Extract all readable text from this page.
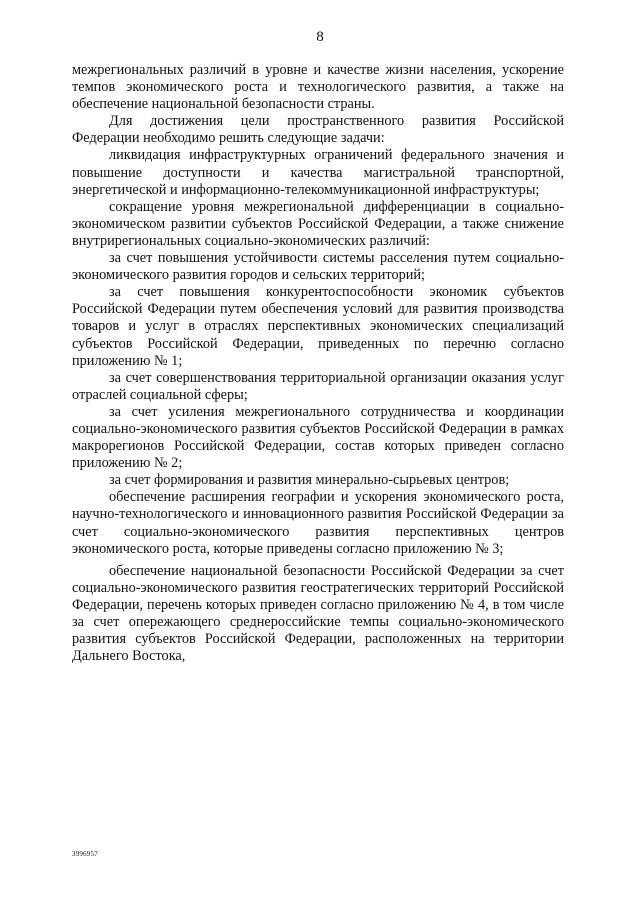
8

межрегиональных различий в уровне и качестве жизни населения, ускорение темпов экономического роста и технологического развития, а также на обеспечение национальной безопасности страны.

Для достижения цели пространственного развития Российской Федерации необходимо решить следующие задачи:

ликвидация инфраструктурных ограничений федерального значения и повышение доступности и качества магистральной транспортной, энергетической и информационно-телекоммуникационной инфраструктуры;

сокращение уровня межрегиональной дифференциации в социально-экономическом развитии субъектов Российской Федерации, а также снижение внутрирегиональных социально-экономических различий:

за счет повышения устойчивости системы расселения путем социально-экономического развития городов и сельских территорий;

за счет повышения конкурентоспособности экономик субъектов Российской Федерации путем обеспечения условий для развития производства товаров и услуг в отраслях перспективных экономических специализаций субъектов Российской Федерации, приведенных по перечню согласно приложению № 1;

за счет совершенствования территориальной организации оказания услуг отраслей социальной сферы;

за счет усиления межрегионального сотрудничества и координации социально-экономического развития субъектов Российской Федерации в рамках макрорегионов Российской Федерации, состав которых приведен согласно приложению № 2;

за счет формирования и развития минерально-сырьевых центров;

обеспечение расширения географии и ускорения экономического роста, научно-технологического и инновационного развития Российской Федерации за счет социально-экономического развития перспективных центров экономического роста, которые приведены согласно приложению № 3;

обеспечение национальной безопасности Российской Федерации за счет социально-экономического развития геостратегических территорий Российской Федерации, перечень которых приведен согласно приложению № 4, в том числе за счет опережающего среднероссийские темпы социально-экономического развития субъектов Российской Федерации, расположенных на территории Дальнего Востока,

3996957
